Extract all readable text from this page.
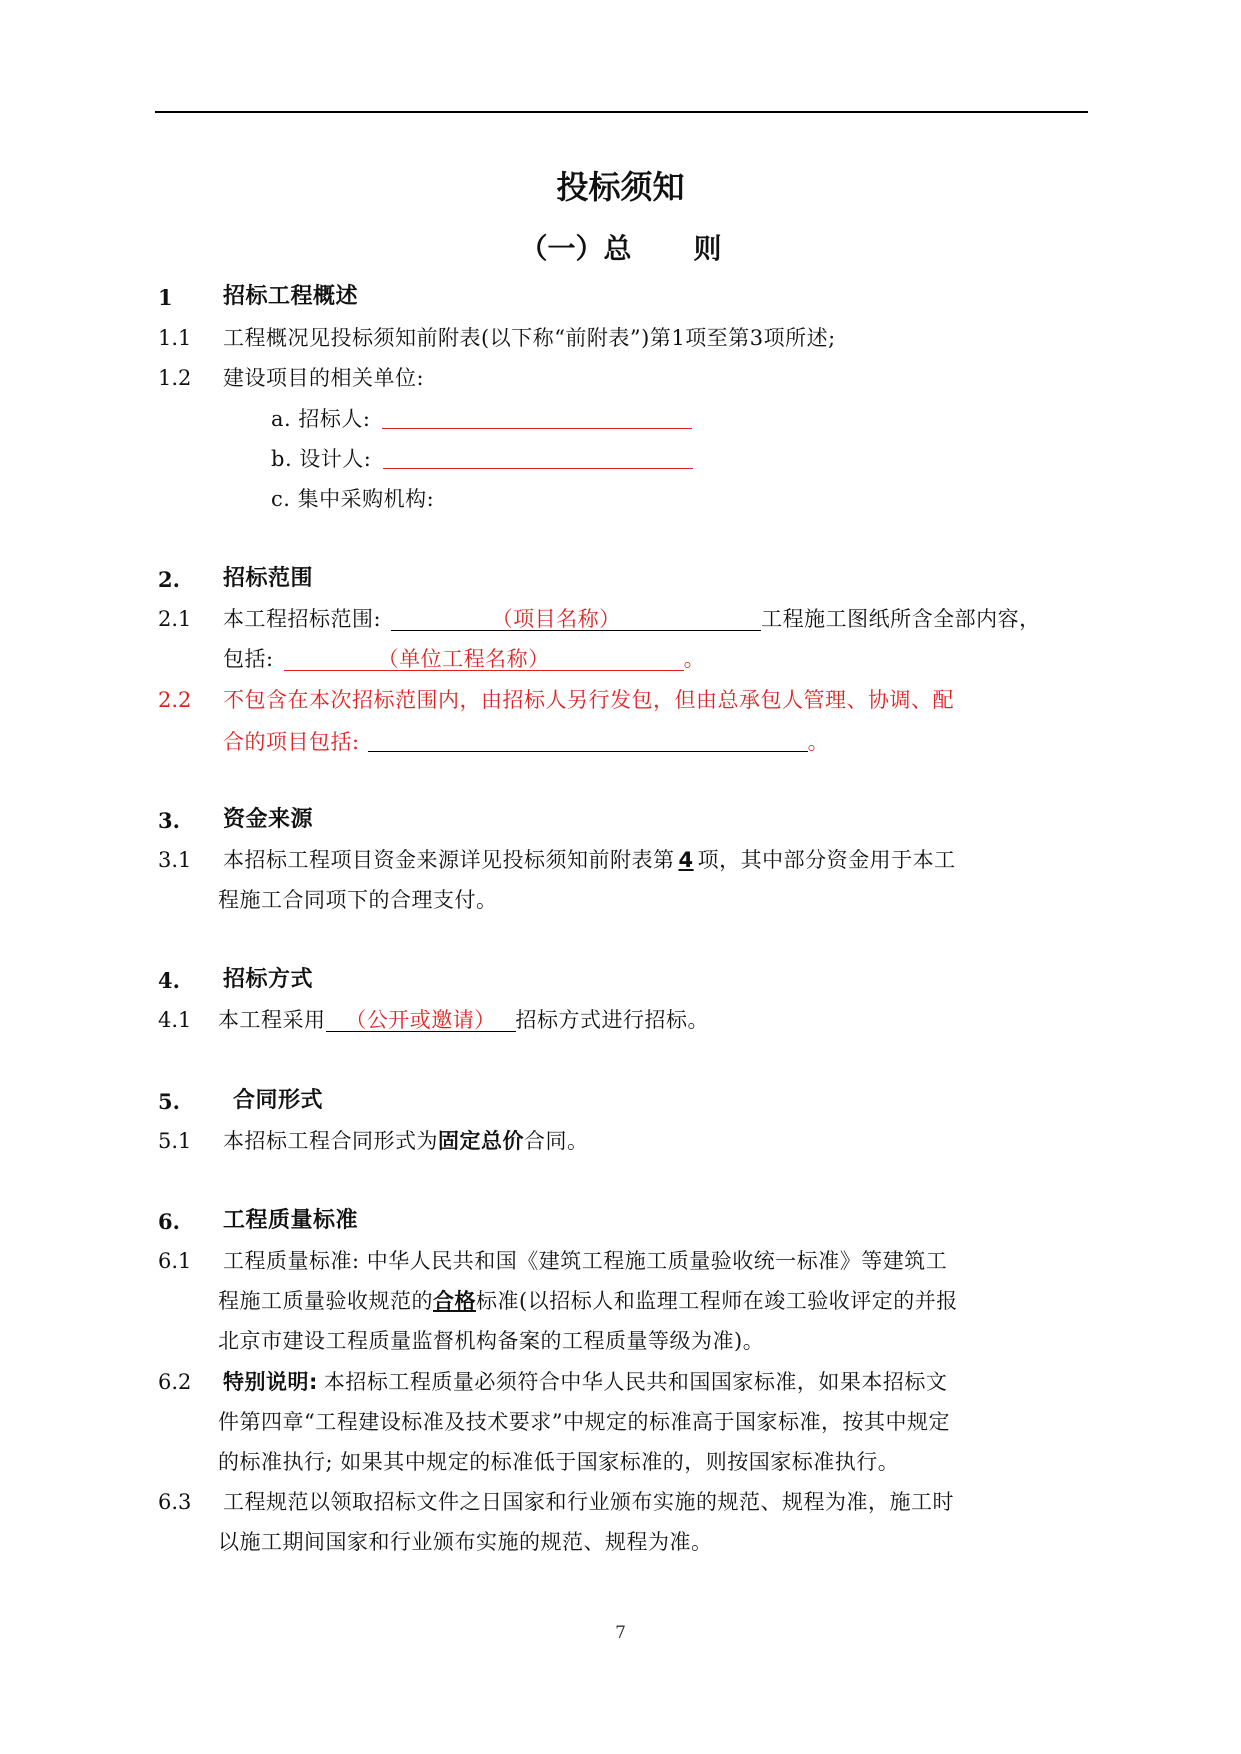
投标须知
（一）总 则
1 招标工程概述
1.1 工程概况见投标须知前附表(以下称“前附表”)第1项至第3项所述;
1.2 建设项目的相关单位:
a. 招标人:
b. 设计人:
c. 集中采购机构:
2. 招标范围
2.1 本工程招标范围:	（项目名称）	工程施工图纸所含全部内容，
包括:	（单位工程名称）	。
2.2 不包含在本次招标范围内，由招标人另行发包，但由总承包人管理、协调、配
合的项目包括:	。
3. 资金来源
3.1 本招标工程项目资金来源详见投标须知前附表第 4 项，其中部分资金用于本工
程施工合同项下的合理支付。
4. 招标方式
4.1 本工程采用 （公开或邀请） 招标方式进行招标。
5. 合同形式
5.1 本招标工程合同形式为固定总价合同。
6. 工程质量标准
6.1 工程质量标准: 中华人民共和国《建筑工程施工质量验收统一标准》等建筑工
程施工质量验收规范的合格标准(以招标人和监理工程师在竣工验收评定的并报
北京市建设工程质量监督机构备案的工程质量等级为准)。
6.2 特别说明: 本招标工程质量必须符合中华人民共和国国家标准，如果本招标文
件第四章“工程建设标准及技术要求”中规定的标准高于国家标准，按其中规定
的标准执行; 如果其中规定的标准低于国家标准的，则按国家标准执行。
6.3 工程规范以领取招标文件之日国家和行业颁布实施的规范、规程为准，施工时
以施工期间国家和行业颁布实施的规范、规程为准。
7
